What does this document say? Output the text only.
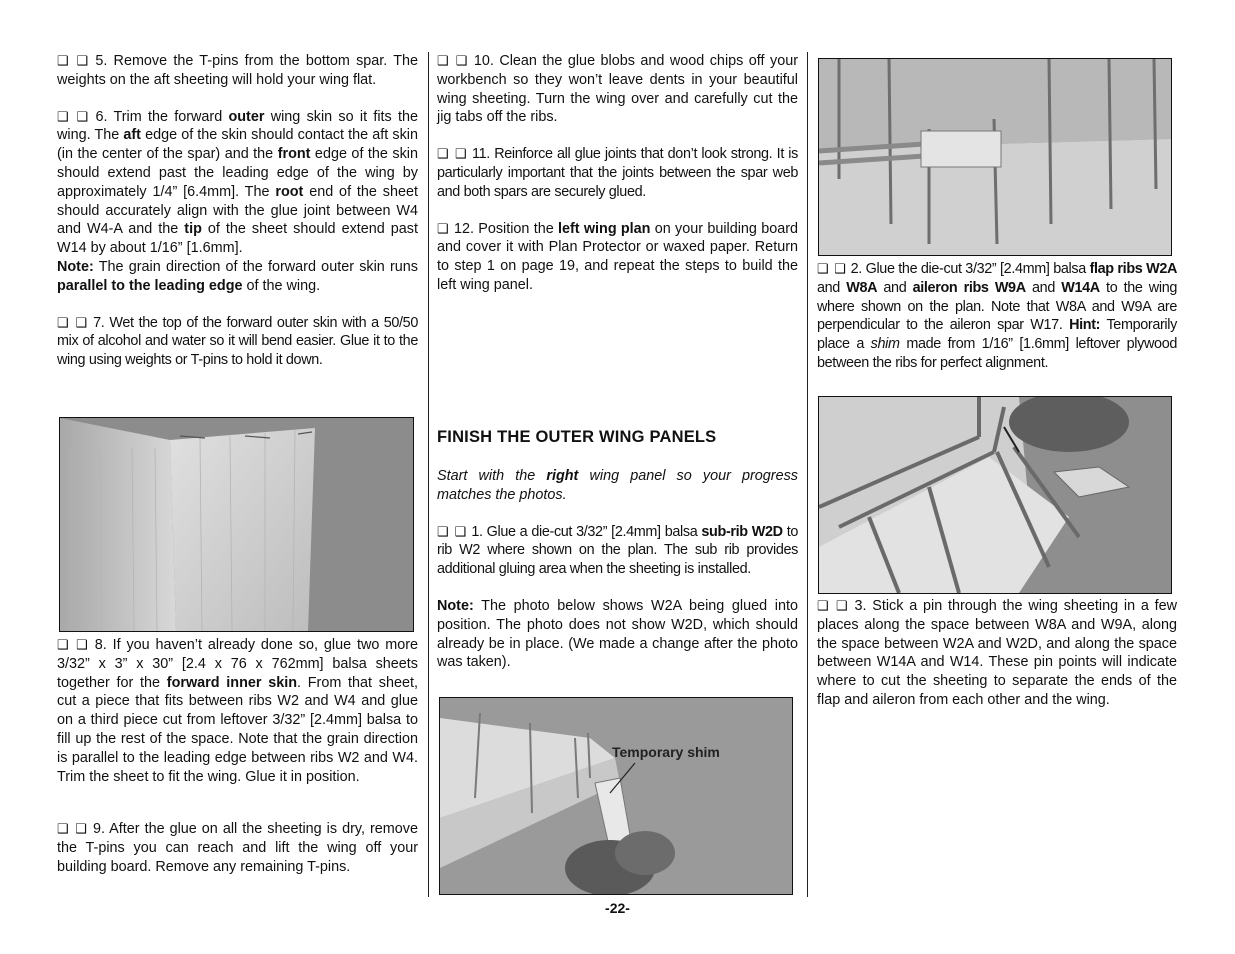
❑ ❑ 5. Remove the T-pins from the bottom spar. The weights on the aft sheeting will hold your wing flat.

❑ ❑ 6. Trim the forward outer wing skin so it fits the wing. The aft edge of the skin should contact the aft skin (in the center of the spar) and the front edge of the skin should extend past the leading edge of the wing by approximately 1/4” [6.4mm]. The root end of the sheet should accurately align with the glue joint between W4 and W4-A and the tip of the sheet should extend past W14 by about 1/16” [1.6mm].
Note: The grain direction of the forward outer skin runs parallel to the leading edge of the wing.

❑ ❑ 7. Wet the top of the forward outer skin with a 50/50 mix of alcohol and water so it will bend easier. Glue it to the wing using weights or T-pins to hold it down.

❑ ❑ 8. If you haven’t already done so, glue two more 3/32” x 3” x 30” [2.4 x 76 x 762mm] balsa sheets together for the forward inner skin. From that sheet, cut a piece that fits between ribs W2 and W4 and glue on a third piece cut from leftover 3/32” [2.4mm] balsa to fill up the rest of the space. Note that the grain direction is parallel to the leading edge between ribs W2 and W4. Trim the sheet to fit the wing. Glue it in position.

❑ ❑ 9. After the glue on all the sheeting is dry, remove the T-pins you can reach and lift the wing off your building board. Remove any remaining T-pins.

❑ ❑ 10. Clean the glue blobs and wood chips off your workbench so they won’t leave dents in your beautiful wing sheeting. Turn the wing over and carefully cut the jig tabs off the ribs.

❑ ❑ 11. Reinforce all glue joints that don’t look strong. It is particularly important that the joints between the spar web and both spars are securely glued.

❑ 12. Position the left wing plan on your building board and cover it with Plan Protector or waxed paper. Return to step 1 on page 19, and repeat the steps to build the left wing panel.

FINISH THE OUTER WING PANELS

Start with the right wing panel so your progress matches the photos.

❑ ❑ 1. Glue a die-cut 3/32” [2.4mm] balsa sub-rib W2D to rib W2 where shown on the plan. The sub rib provides additional gluing area when the sheeting is installed.

Note: The photo below shows W2A being glued into position. The photo does not show W2D, which should already be in place. (We made a change after the photo was taken).

Temporary shim

❑ ❑ 2. Glue the die-cut 3/32” [2.4mm] balsa flap ribs W2A and W8A and aileron ribs W9A and W14A to the wing where shown on the plan. Note that W8A and W9A are perpendicular to the aileron spar W17. Hint: Temporarily place a shim made from 1/16” [1.6mm] leftover plywood between the ribs for perfect alignment.

❑ ❑ 3. Stick a pin through the wing sheeting in a few places along the space between W8A and W9A, along the space between W2A and W2D, and along the space between W14A and W14. These pin points will indicate where to cut the sheeting to separate the ends of the flap and aileron from each other and the wing.

-22-
